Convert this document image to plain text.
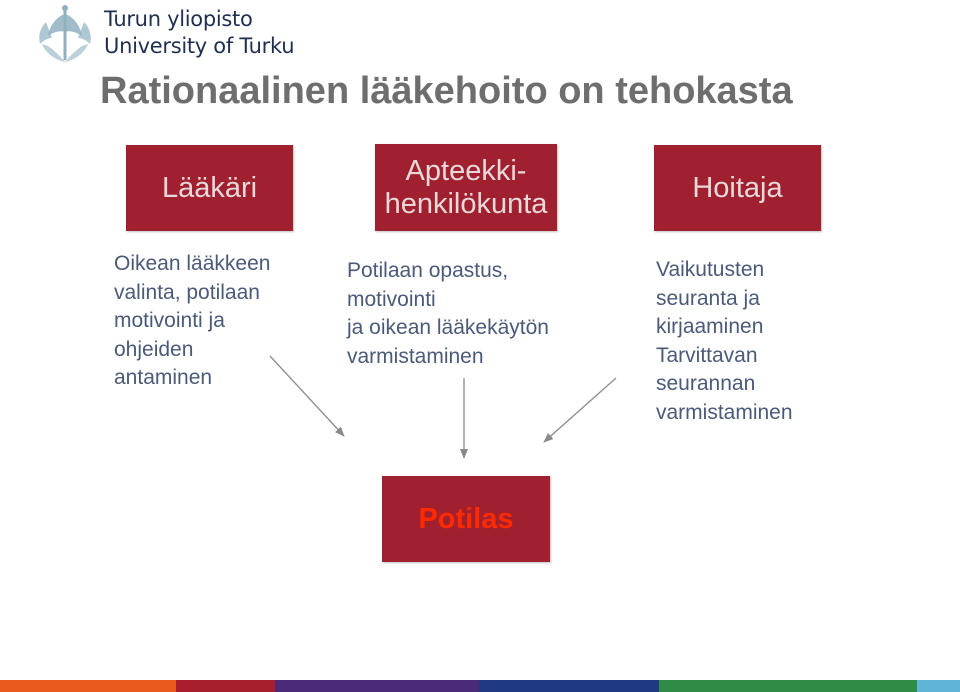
Turun yliopisto
University of Turku
Rationaalinen lääkehoito on tehokasta
Lääkäri
Apteekki-
henkilökunta	Hoitaja
Oikean lääkkeen
valinta, potilaan
motivointi ja
ohjeiden
antaminen
Potilaan opastus,
motivointi
ja oikean lääkekäytön
varmistaminen
Vaikutusten
seuranta ja
kirjaaminen
Tarvittavan
seurannan
varmistaminen
Potilas
